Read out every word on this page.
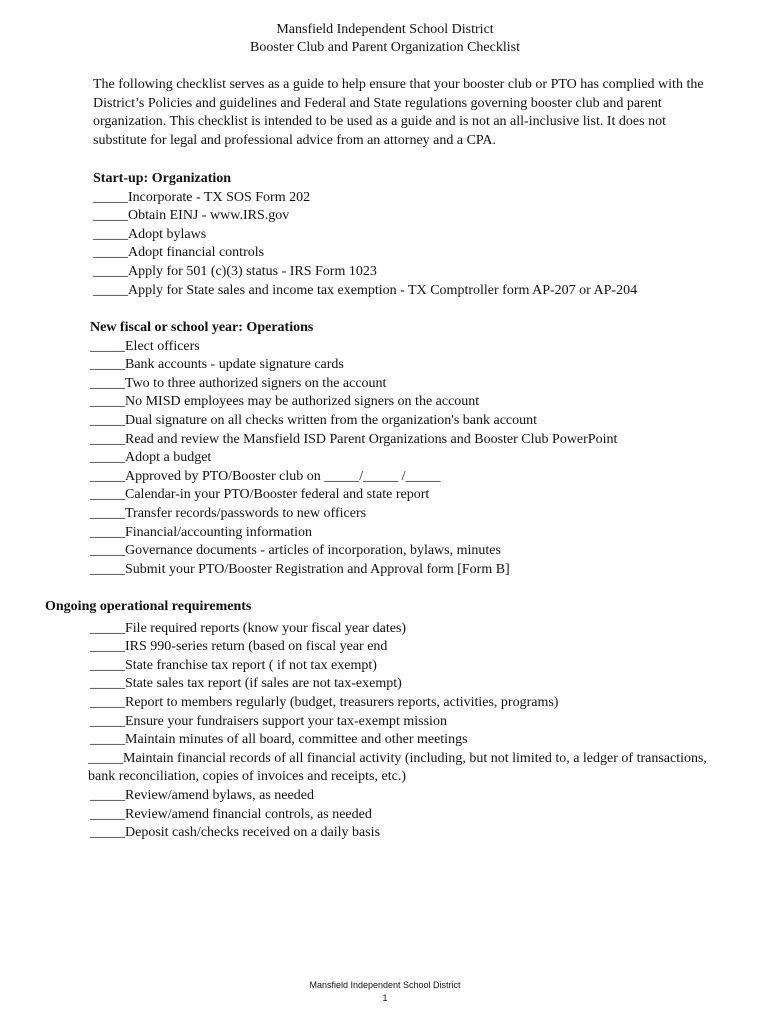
Mansfield Independent School District
Booster Club and Parent Organization Checklist

The following checklist serves as a guide to help ensure that your booster club or PTO has complied with the District’s Policies and guidelines and Federal and State regulations governing booster club and parent organization. This checklist is intended to be used as a guide and is not an all-inclusive list. It does not substitute for legal and professional advice from an attorney and a CPA.

Start-up: Organization
_____Incorporate - TX SOS Form 202
_____Obtain EINJ - www.IRS.gov
_____Adopt bylaws
_____Adopt financial controls
_____Apply for 501 (c)(3) status - IRS Form 1023
_____Apply for State sales and income tax exemption - TX Comptroller form AP-207 or AP-204
New fiscal or school year: Operations
_____Elect officers
_____Bank accounts - update signature cards
_____Two to three authorized signers on the account
_____No MISD employees may be authorized signers on the account
_____Dual signature on all checks written from the organization's bank account
_____Read and review the Mansfield ISD Parent Organizations and Booster Club PowerPoint
_____Adopt a budget
_____Approved by PTO/Booster club on _____/_____ /_____
_____Calendar-in your PTO/Booster federal and state report
_____Transfer records/passwords to new officers
_____Financial/accounting information
_____Governance documents - articles of incorporation, bylaws, minutes
_____Submit your PTO/Booster Registration and Approval form [Form B]
Ongoing operational requirements
_____File required reports (know your fiscal year dates)
_____IRS 990-series return (based on fiscal year end
_____State franchise tax report ( if not tax exempt)
_____State sales tax report (if sales are not tax-exempt)
_____Report to members regularly (budget, treasurers reports, activities, programs)
_____Ensure your fundraisers support your tax-exempt mission
_____Maintain minutes of all board, committee and other meetings
_____Maintain financial records of all financial activity (including, but not limited to, a ledger of transactions, bank reconciliation, copies of invoices and receipts, etc.)
_____Review/amend bylaws, as needed
_____Review/amend financial controls, as needed
_____Deposit cash/checks received on a daily basis
Mansfield Independent School District
1
